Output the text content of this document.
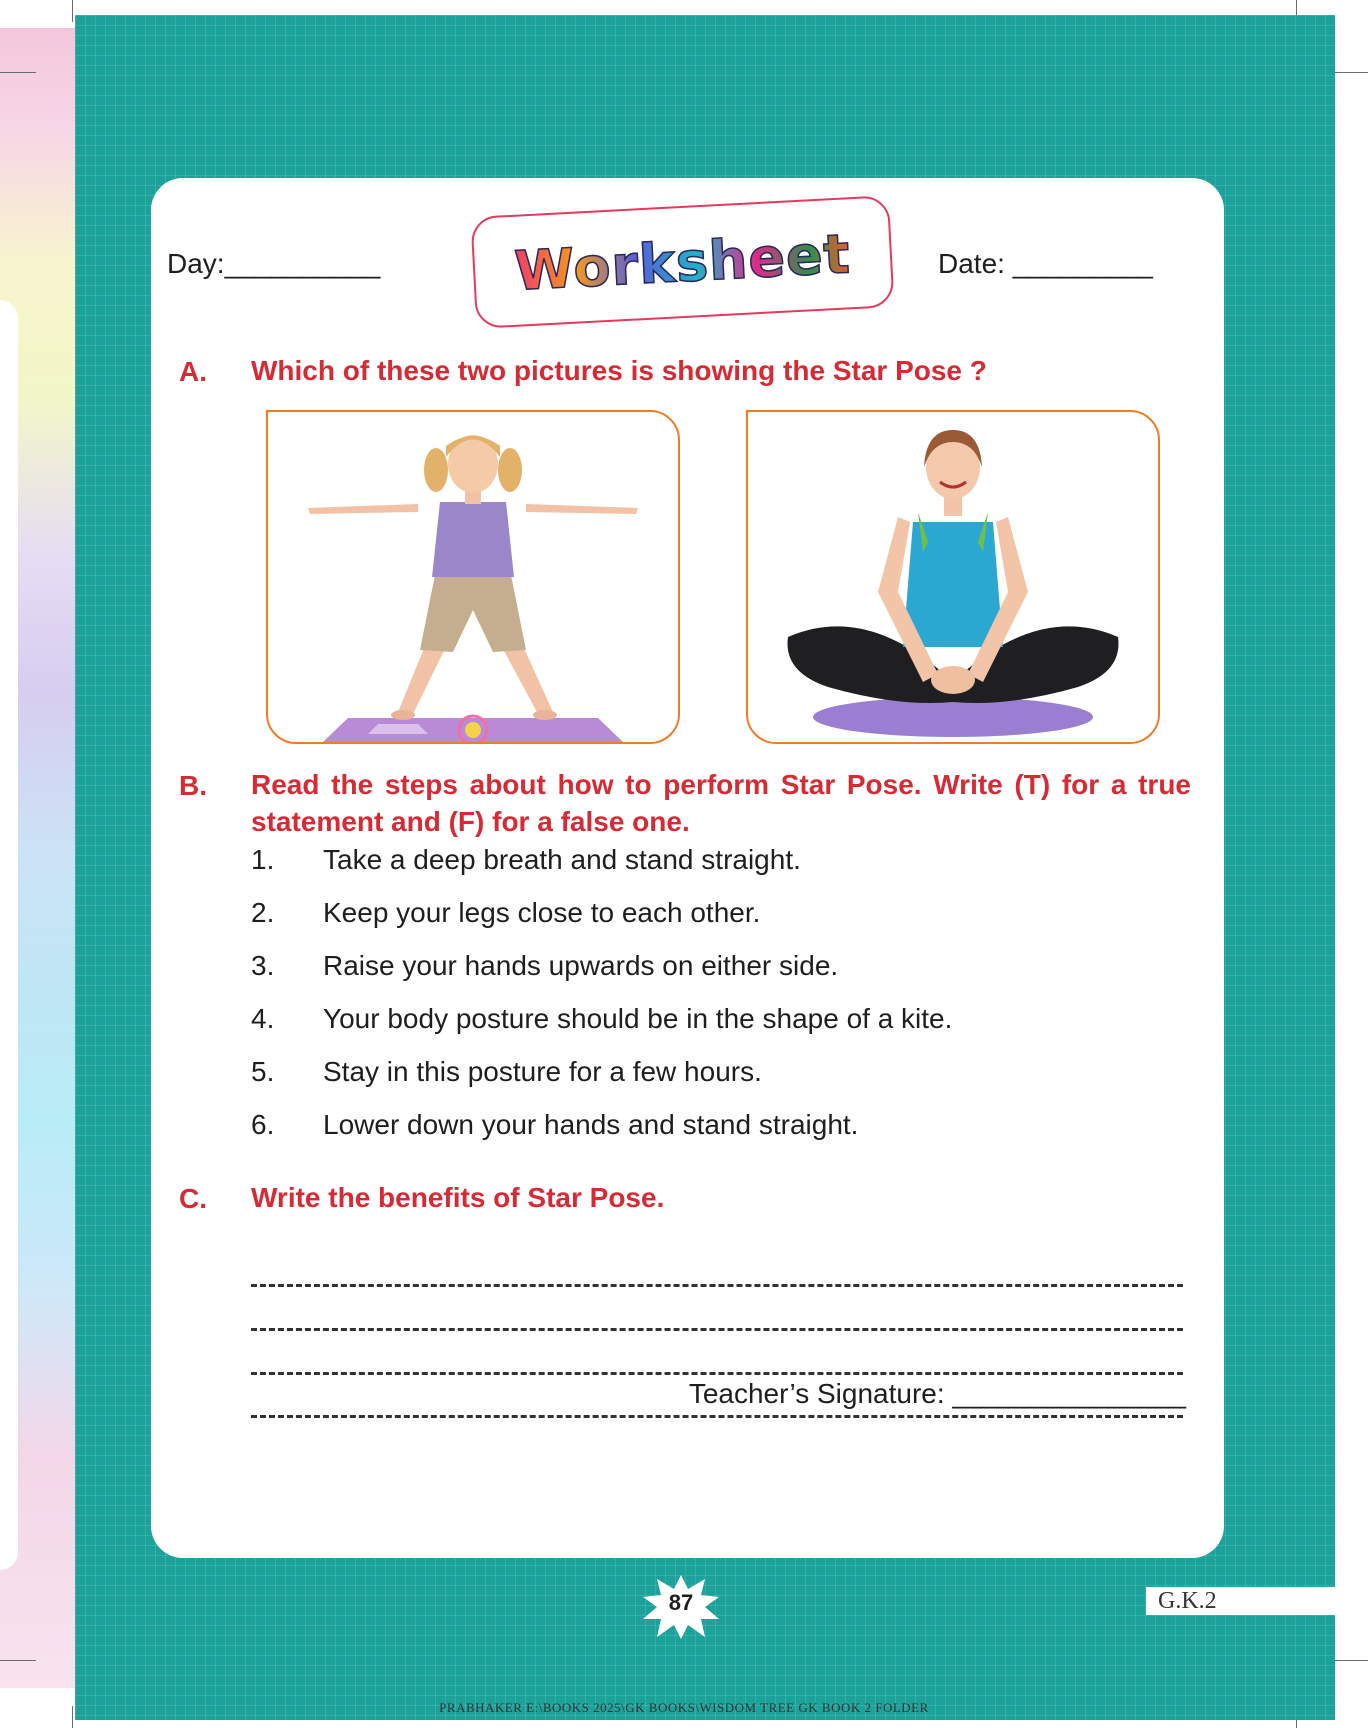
Day:__________ Worksheet	Date: _________
A. Which of these two pictures is showing the Star Pose ?
B. Read the steps about how to perform Star Pose. Write (T) for a true
statement and (F) for a false one.
1. Take a deep breath and stand straight.
2. Keep your legs close to each other.
3. Raise your hands upwards on either side.
4. Your body posture should be in the shape of a kite.
5. Stay in this posture for a few hours.
6. Lower down your hands and stand straight.
C. Write the benefits of Star Pose.
Teacher’s Signature: _______________
87	G.K.2
PRABHAKER E:\BOOKS 2025\GK BOOKS\WISDOM TREE GK BOOK 2 FOLDER
